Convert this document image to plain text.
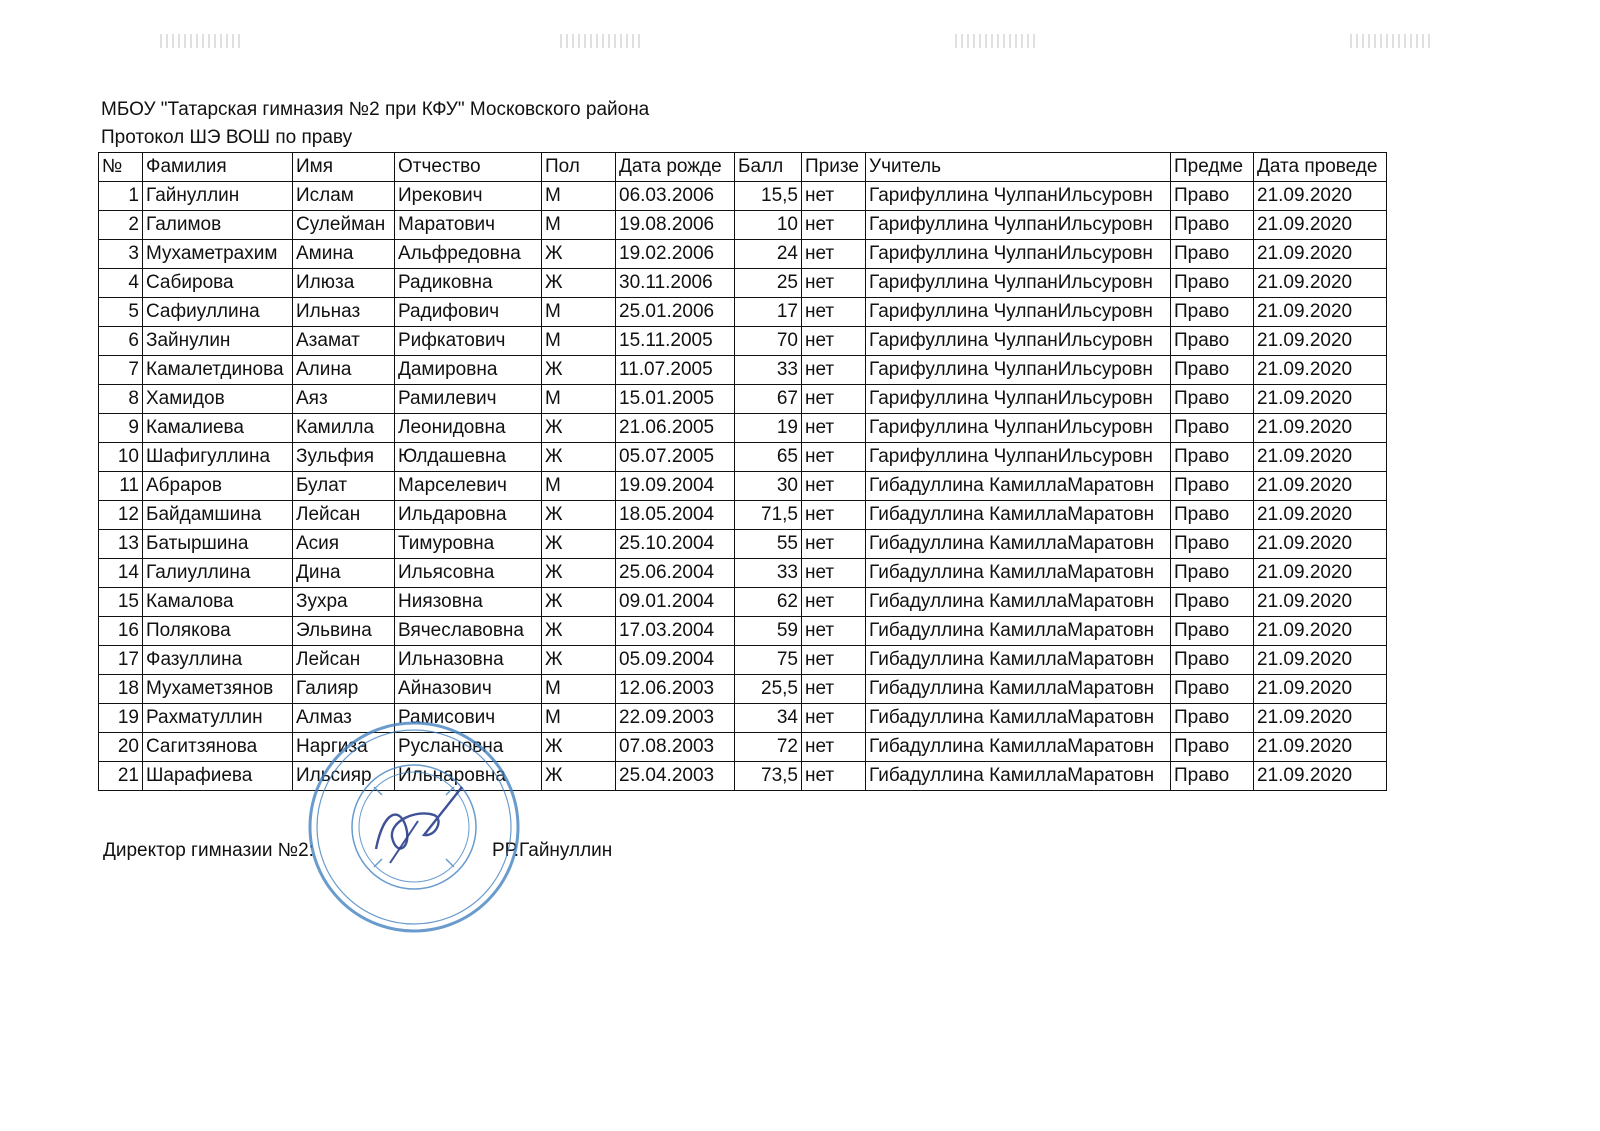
МБОУ "Татарская гимназия №2 при КФУ" Московского района
Протокол ШЭ ВОШ по праву
№	Фамилия	Имя	Отчество	Пол	Дата рожде	Балл	Призе	Учитель	Предме	Дата проведе
1	Гайнуллин	Ислам	Ирекович	М	06.03.2006	15,5	нет	Гарифуллина ЧулпанИльсуровн	Право	21.09.2020
2	Галимов	Сулейман	Маратович	М	19.08.2006	10	нет	Гарифуллина ЧулпанИльсуровн	Право	21.09.2020
3	Мухаметрахим	Амина	Альфредовна	Ж	19.02.2006	24	нет	Гарифуллина ЧулпанИльсуровн	Право	21.09.2020
4	Сабирова	Илюза	Радиковна	Ж	30.11.2006	25	нет	Гарифуллина ЧулпанИльсуровн	Право	21.09.2020
5	Сафиуллина	Ильназ	Радифович	М	25.01.2006	17	нет	Гарифуллина ЧулпанИльсуровн	Право	21.09.2020
6	Зайнулин	Азамат	Рифкатович	М	15.11.2005	70	нет	Гарифуллина ЧулпанИльсуровн	Право	21.09.2020
7	Камалетдинова	Алина	Дамировна	Ж	11.07.2005	33	нет	Гарифуллина ЧулпанИльсуровн	Право	21.09.2020
8	Хамидов	Аяз	Рамилевич	М	15.01.2005	67	нет	Гарифуллина ЧулпанИльсуровн	Право	21.09.2020
9	Камалиева	Камилла	Леонидовна	Ж	21.06.2005	19	нет	Гарифуллина ЧулпанИльсуровн	Право	21.09.2020
10	Шафигуллина	Зульфия	Юлдашевна	Ж	05.07.2005	65	нет	Гарифуллина ЧулпанИльсуровн	Право	21.09.2020
11	Абраров	Булат	Марселевич	М	19.09.2004	30	нет	Гибадуллина КамиллаМаратовн	Право	21.09.2020
12	Байдамшина	Лейсан	Ильдаровна	Ж	18.05.2004	71,5	нет	Гибадуллина КамиллаМаратовн	Право	21.09.2020
13	Батыршина	Асия	Тимуровна	Ж	25.10.2004	55	нет	Гибадуллина КамиллаМаратовн	Право	21.09.2020
14	Галиуллина	Дина	Ильясовна	Ж	25.06.2004	33	нет	Гибадуллина КамиллаМаратовн	Право	21.09.2020
15	Камалова	Зухра	Ниязовна	Ж	09.01.2004	62	нет	Гибадуллина КамиллаМаратовн	Право	21.09.2020
16	Полякова	Эльвина	Вячеславовна	Ж	17.03.2004	59	нет	Гибадуллина КамиллаМаратовн	Право	21.09.2020
17	Фазуллина	Лейсан	Ильназовна	Ж	05.09.2004	75	нет	Гибадуллина КамиллаМаратовн	Право	21.09.2020
18	Мухаметзянов	Галияр	Айназович	М	12.06.2003	25,5	нет	Гибадуллина КамиллаМаратовн	Право	21.09.2020
19	Рахматуллин	Алмаз	Рамисович	М	22.09.2003	34	нет	Гибадуллина КамиллаМаратовн	Право	21.09.2020
20	Сагитзянова	Наргиза	Руслановна	Ж	07.08.2003	72	нет	Гибадуллина КамиллаМаратовн	Право	21.09.2020
21	Шарафиева	Ильсияр	Ильнаровна	Ж	25.04.2003	73,5	нет	Гибадуллина КамиллаМаратовн	Право	21.09.2020
Директор гимназии №2:	РР.Гайнуллин
